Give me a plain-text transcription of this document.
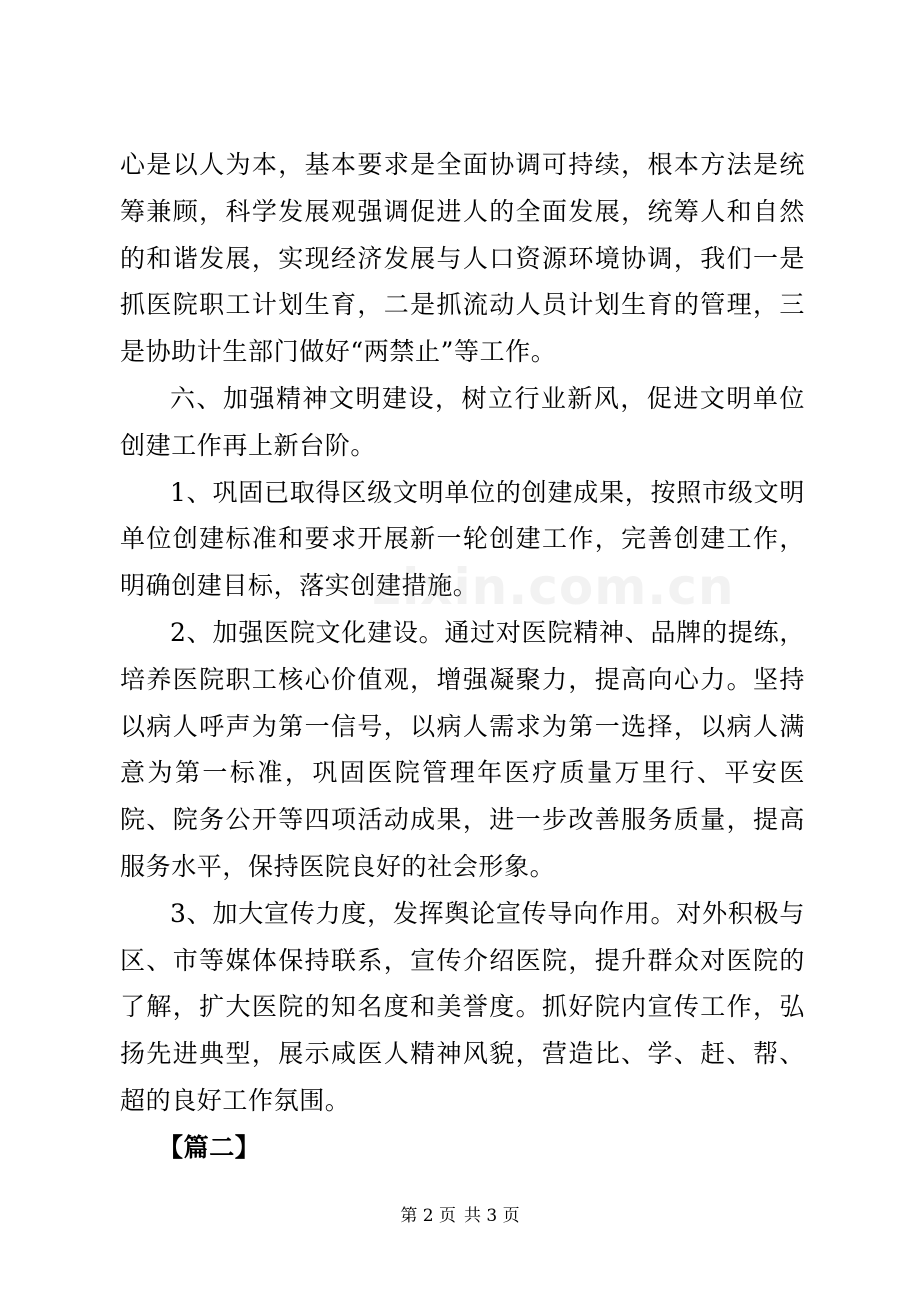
心是以人为本，基本要求是全面协调可持续，根本方法是统筹兼顾，科学发展观强调促进人的全面发展，统筹人和自然的和谐发展，实现经济发展与人口资源环境协调，我们一是抓医院职工计划生育，二是抓流动人员计划生育的管理，三是协助计生部门做好“两禁止”等工作。

六、加强精神文明建设，树立行业新风，促进文明单位创建工作再上新台阶。

1、巩固已取得区级文明单位的创建成果，按照市级文明单位创建标准和要求开展新一轮创建工作，完善创建工作，明确创建目标，落实创建措施。

2、加强医院文化建设。通过对医院精神、品牌的提练，培养医院职工核心价值观，增强凝聚力，提高向心力。坚持以病人呼声为第一信号，以病人需求为第一选择，以病人满意为第一标准，巩固医院管理年医疗质量万里行、平安医院、院务公开等四项活动成果，进一步改善服务质量，提高服务水平，保持医院良好的社会形象。

3、加大宣传力度，发挥舆论宣传导向作用。对外积极与区、市等媒体保持联系，宣传介绍医院，提升群众对医院的了解，扩大医院的知名度和美誉度。抓好院内宣传工作，弘扬先进典型，展示咸医人精神风貌，营造比、学、赶、帮、超的良好工作氛围。

【篇二】

zixin.com.cn
第 2 页 共 3 页
